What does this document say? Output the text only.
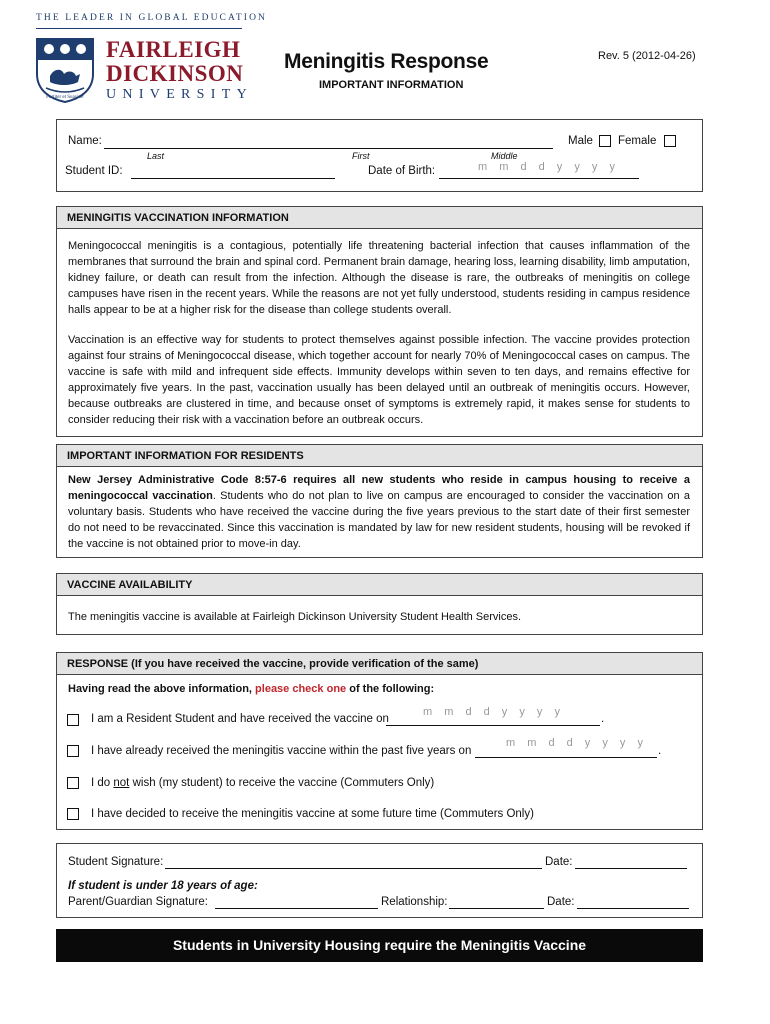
THE LEADER IN GLOBAL EDUCATION
Fortiter et Suaviter
FAIRLEIGH
DICKINSON
UNIVERSITY
Meningitis Response
IMPORTANT INFORMATION
Rev. 5 (2012-04-26)
Name:
Last	First	Middle
Male Female
Student ID:	Date of Birth:	m m d d y y y y
MENINGITIS VACCINATION INFORMATION
Meningococcal meningitis is a contagious, potentially life threatening bacterial infection that causes inflammation of the membranes that surround the brain and spinal cord. Permanent brain damage, hearing loss, learning disability, limb amputation, kidney failure, or death can result from the infection. Although the disease is rare, the outbreaks of meningitis on college campuses have risen in the recent years. While the reasons are not yet fully understood, students residing in campus residence halls appear to be at a higher risk for the disease than college students overall.
Vaccination is an effective way for students to protect themselves against possible infection. The vaccine provides protection against four strains of Meningococcal disease, which together account for nearly 70% of Meningococcal cases on campus. The vaccine is safe with mild and infrequent side effects. Immunity develops within seven to ten days, and remains effective for approximately five years. In the past, vaccination usually has been delayed until an outbreak of meningitis occurs. However, because outbreaks are clustered in time, and because onset of symptoms is extremely rapid, it makes sense for students to consider reducing their risk with a vaccination before an outbreak occurs.
IMPORTANT INFORMATION FOR RESIDENTS
New Jersey Administrative Code 8:57-6 requires all new students who reside in campus housing to receive a meningococcal vaccination. Students who do not plan to live on campus are encouraged to consider the vaccination on a voluntary basis. Students who have received the vaccine during the five years previous to the start date of their first semester do not need to be revaccinated. Since this vaccination is mandated by law for new resident students, housing will be revoked if the vaccine is not obtained prior to move-in day.
VACCINE AVAILABILITY
The meningitis vaccine is available at Fairleigh Dickinson University Student Health Services.
RESPONSE (If you have received the vaccine, provide verification of the same)
Having read the above information, please check one of the following:
I am a Resident Student and have received the vaccine on
m m d d y y y y
.
I have already received the meningitis vaccine within the past five years on
m m d d y y y y
.
I do not wish (my student) to receive the vaccine (Commuters Only)
I have decided to receive the meningitis vaccine at some future time (Commuters Only)
Student Signature:	Date:
If student is under 18 years of age:
Parent/Guardian Signature:	Relationship:	Date:
Students in University Housing require the Meningitis Vaccine
